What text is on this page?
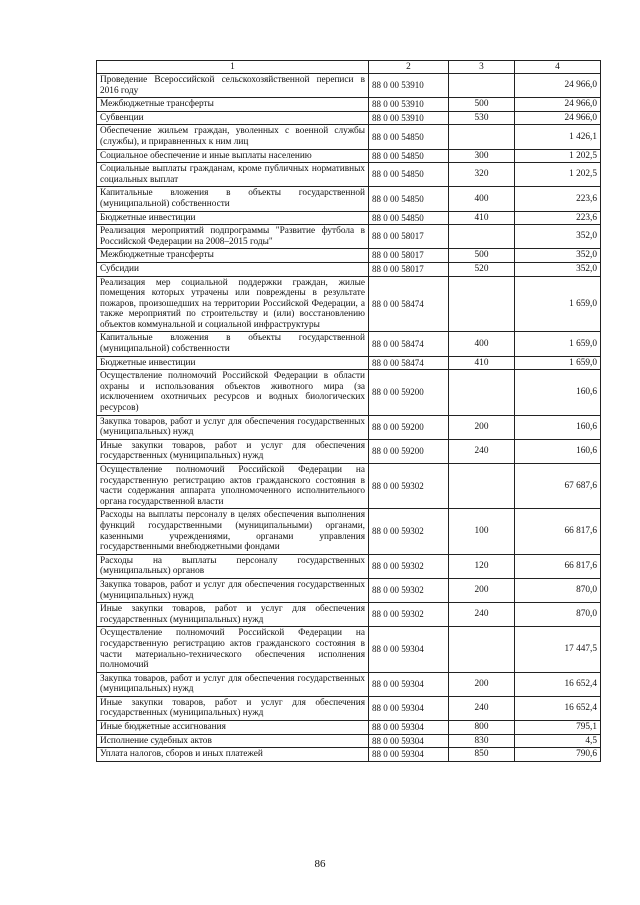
1	2	3	4
Проведение Всероссийской сельскохозяйственной переписи в 2016 году	88 0 00 53910		24 966,0
Межбюджетные трансферты	88 0 00 53910	500	24 966,0
Субвенции	88 0 00 53910	530	24 966,0
Обеспечение жильем граждан, уволенных с военной службы (службы), и приравненных к ним лиц	88 0 00 54850		1 426,1
Социальное обеспечение и иные выплаты населению	88 0 00 54850	300	1 202,5
Социальные выплаты гражданам, кроме публичных нормативных социальных выплат	88 0 00 54850	320	1 202,5
Капитальные вложения в объекты государственной (муниципальной) собственности	88 0 00 54850	400	223,6
Бюджетные инвестиции	88 0 00 54850	410	223,6
Реализация мероприятий подпрограммы "Развитие футбола в Российской Федерации на 2008–2015 годы"	88 0 00 58017		352,0
Межбюджетные трансферты	88 0 00 58017	500	352,0
Субсидии	88 0 00 58017	520	352,0
Реализация мер социальной поддержки граждан, жилые помещения которых утрачены или повреждены в результате пожаров, произошедших на территории Российской Федерации, а также мероприятий по строительству и (или) восстановлению объектов коммунальной и социальной инфраструктуры	88 0 00 58474		1 659,0
Капитальные вложения в объекты государственной (муниципальной) собственности	88 0 00 58474	400	1 659,0
Бюджетные инвестиции	88 0 00 58474	410	1 659,0
Осуществление полномочий Российской Федерации в области охраны и использования объектов животного мира (за исключением охотничьих ресурсов и водных биологических ресурсов)	88 0 00 59200		160,6
Закупка товаров, работ и услуг для обеспечения государственных (муниципальных) нужд	88 0 00 59200	200	160,6
Иные закупки товаров, работ и услуг для обеспечения государственных (муниципальных) нужд	88 0 00 59200	240	160,6
Осуществление полномочий Российской Федерации на государственную регистрацию актов гражданского состояния в части содержания аппарата уполномоченного исполнительного органа государственной власти	88 0 00 59302		67 687,6
Расходы на выплаты персоналу в целях обеспечения выполнения функций государственными (муниципальными) органами, казенными учреждениями, органами управления государственными внебюджетными фондами	88 0 00 59302	100	66 817,6
Расходы на выплаты персоналу государственных (муниципальных) органов	88 0 00 59302	120	66 817,6
Закупка товаров, работ и услуг для обеспечения государственных (муниципальных) нужд	88 0 00 59302	200	870,0
Иные закупки товаров, работ и услуг для обеспечения государственных (муниципальных) нужд	88 0 00 59302	240	870,0
Осуществление полномочий Российской Федерации на государственную регистрацию актов гражданского состояния в части материально-технического обеспечения исполнения полномочий	88 0 00 59304		17 447,5
Закупка товаров, работ и услуг для обеспечения государственных (муниципальных) нужд	88 0 00 59304	200	16 652,4
Иные закупки товаров, работ и услуг для обеспечения государственных (муниципальных) нужд	88 0 00 59304	240	16 652,4
Иные бюджетные ассигнования	88 0 00 59304	800	795,1
Исполнение судебных актов	88 0 00 59304	830	4,5
Уплата налогов, сборов и иных платежей	88 0 00 59304	850	790,6
86
